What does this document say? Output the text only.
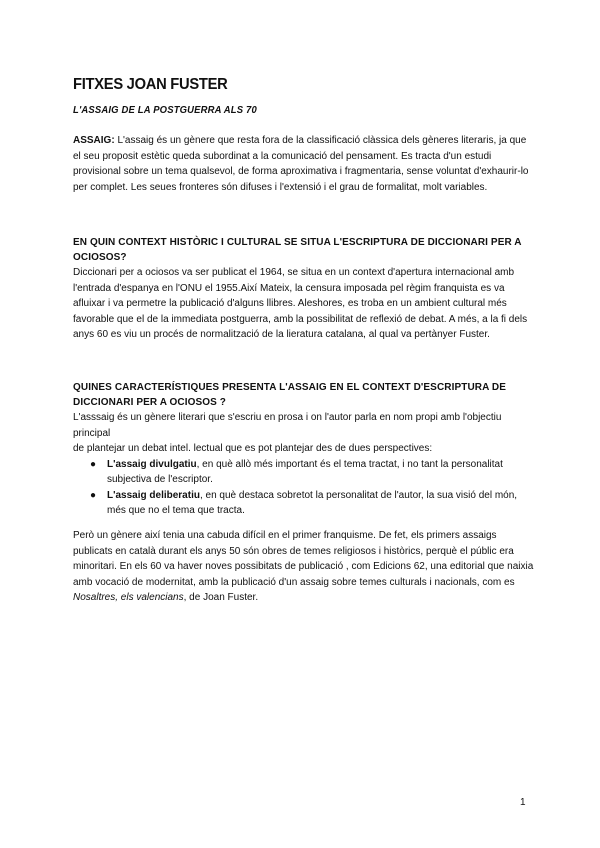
FITXES JOAN FUSTER
L'ASSAIG DE LA POSTGUERRA ALS 70

ASSAIG: L'assaig és un gènere que resta fora de la classificació clàssica dels gèneres literaris, ja que el seu proposit estètic queda subordinat a la comunicació del pensament. Es tracta d'un estudi provisional sobre un tema qualsevol, de forma aproximativa i fragmentaria, sense voluntat d'exhaurir-lo per complet. Les seues fronteres són difuses i l'extensió i el grau de formalitat, molt variables.

EN QUIN CONTEXT HISTÒRIC I CULTURAL SE SITUA L'ESCRIPTURA DE DICCIONARI PER A OCIOSOS?

Diccionari per a ociosos va ser publicat el 1964, se situa en un context d'apertura internacional amb l'entrada d'espanya en l'ONU el 1955.Així Mateix, la censura imposada pel règim franquista es va afluixar i va permetre la publicació d'alguns llibres. Aleshores, es troba en un ambient cultural més favorable que el de la immediata postguerra, amb la possibilitat de reflexió de debat. A més, a la fi dels anys 60 es viu un procés de normalització de la lieratura catalana, al qual va pertànyer Fuster.

QUINES CARACTERÍSTIQUES PRESENTA L'ASSAIG EN EL CONTEXT D'ESCRIPTURA DE DICCIONARI PER A OCIOSOS ?

L'asssaig és un gènere literari que s'escriu en prosa i on l'autor parla en nom propi amb l'objectiu principal

de plantejar un debat intel. lectual que es pot plantejar des de dues perspectives:

● L'assaig divulgatiu, en què allò més important és el tema tractat, i no tant la personalitat subjectiva de l'escriptor.
● L'assaig deliberatiu, en què destaca sobretot la personalitat de l'autor, la sua visió del món, més que no el tema que tracta.

Però un gènere així tenia una cabuda difícil en el primer franquisme. De fet, els primers assaigs publicats en català durant els anys 50 són obres de temes religiosos i històrics, perquè el públic era minoritari. En els 60 va haver noves possibitats de publicació , com Edicions 62, una editorial que naixia amb vocació de modernitat, amb la publicació d'un assaig sobre temes culturals i nacionals, com es Nosaltres, els valencians, de Joan Fuster.

1
